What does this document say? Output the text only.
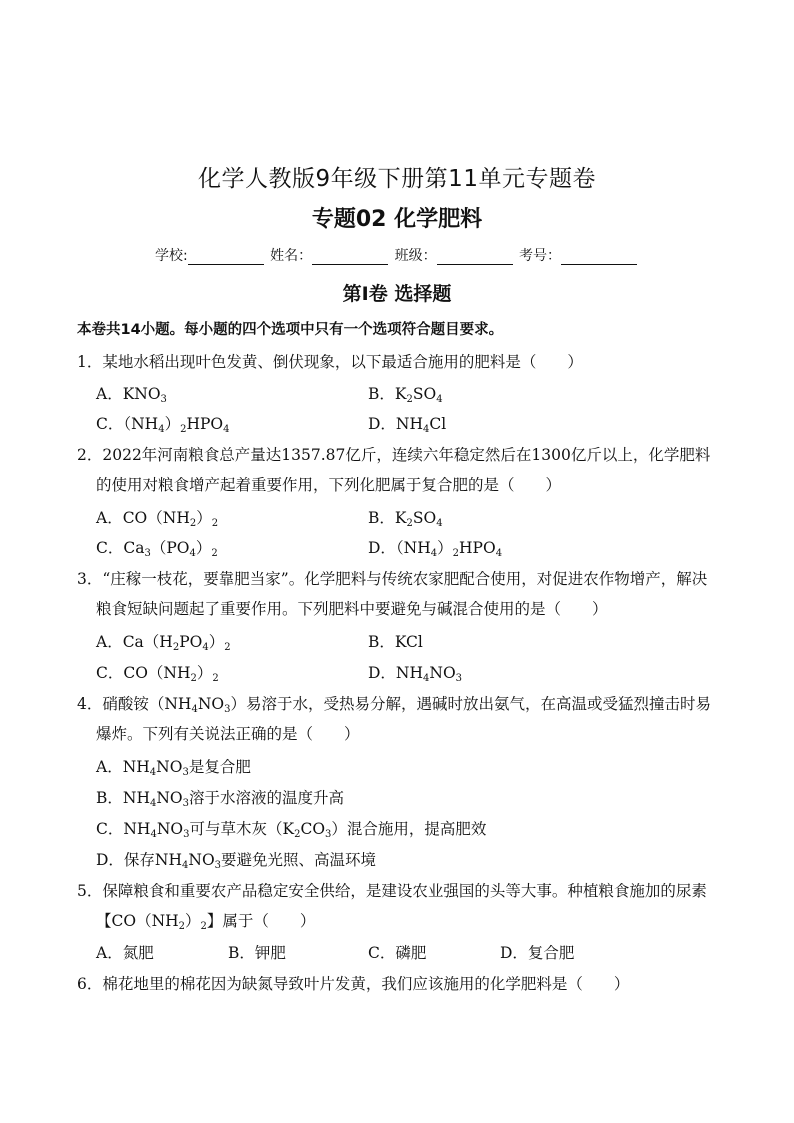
化学人教版9年级下册第11单元专题卷
专题02 化学肥料
学校:	姓名：	班级：	考号：
第Ⅰ卷 选择题
本卷共14小题。每小题的四个选项中只有一个选项符合题目要求。
1．某地水稻出现叶色发黄、倒伏现象，以下最适合施用的肥料是（　　）
A．$KNO_3$	B．$K_2SO_4$
C．$(NH_4)_2HPO_4$	D．$NH_4Cl$
2．2022年河南粮食总产量达1357.87亿斤，连续六年稳定然后在1300亿斤以上，化学肥料
的使用对粮食增产起着重要作用，下列化肥属于复合肥的是（　　）
A．$CO(NH_2)_2$	B．$K_2SO_4$
C．$Ca_3(PO_4)_2$	D．$(NH_4)_2HPO_4$
3．“庄稼一枝花，要靠肥当家”。化学肥料与传统农家肥配合使用，对促进农作物增产，解决
粮食短缺问题起了重要作用。下列肥料中要避免与碱混合使用的是（　　）
A．$Ca(H_2PO_4)_2$	B．KCl
C．$CO(NH_2)_2$	D．$NH_4NO_3$
4．硝酸铵$(NH_4NO_3)$易溶于水，受热易分解，遇碱时放出氨气，在高温或受猛烈撞击时易
爆炸。下列有关说法正确的是（　　）
A．$NH_4NO_3$是复合肥
B．$NH_4NO_3$溶于水溶液的温度升高
C．$NH_4NO_3$可与草木灰$(K_2CO_3)$混合施用，提高肥效
D．保存$NH_4NO_3$要避免光照、高温环境
5．保障粮食和重要农产品稳定安全供给，是建设农业强国的头等大事。种植粮食施加的尿素
【$CO(NH_2)_2$】属于（　　）
A．氮肥	B．钾肥	C．磷肥	D．复合肥
6．棉花地里的棉花因为缺氮导致叶片发黄，我们应该施用的化学肥料是（　　）
